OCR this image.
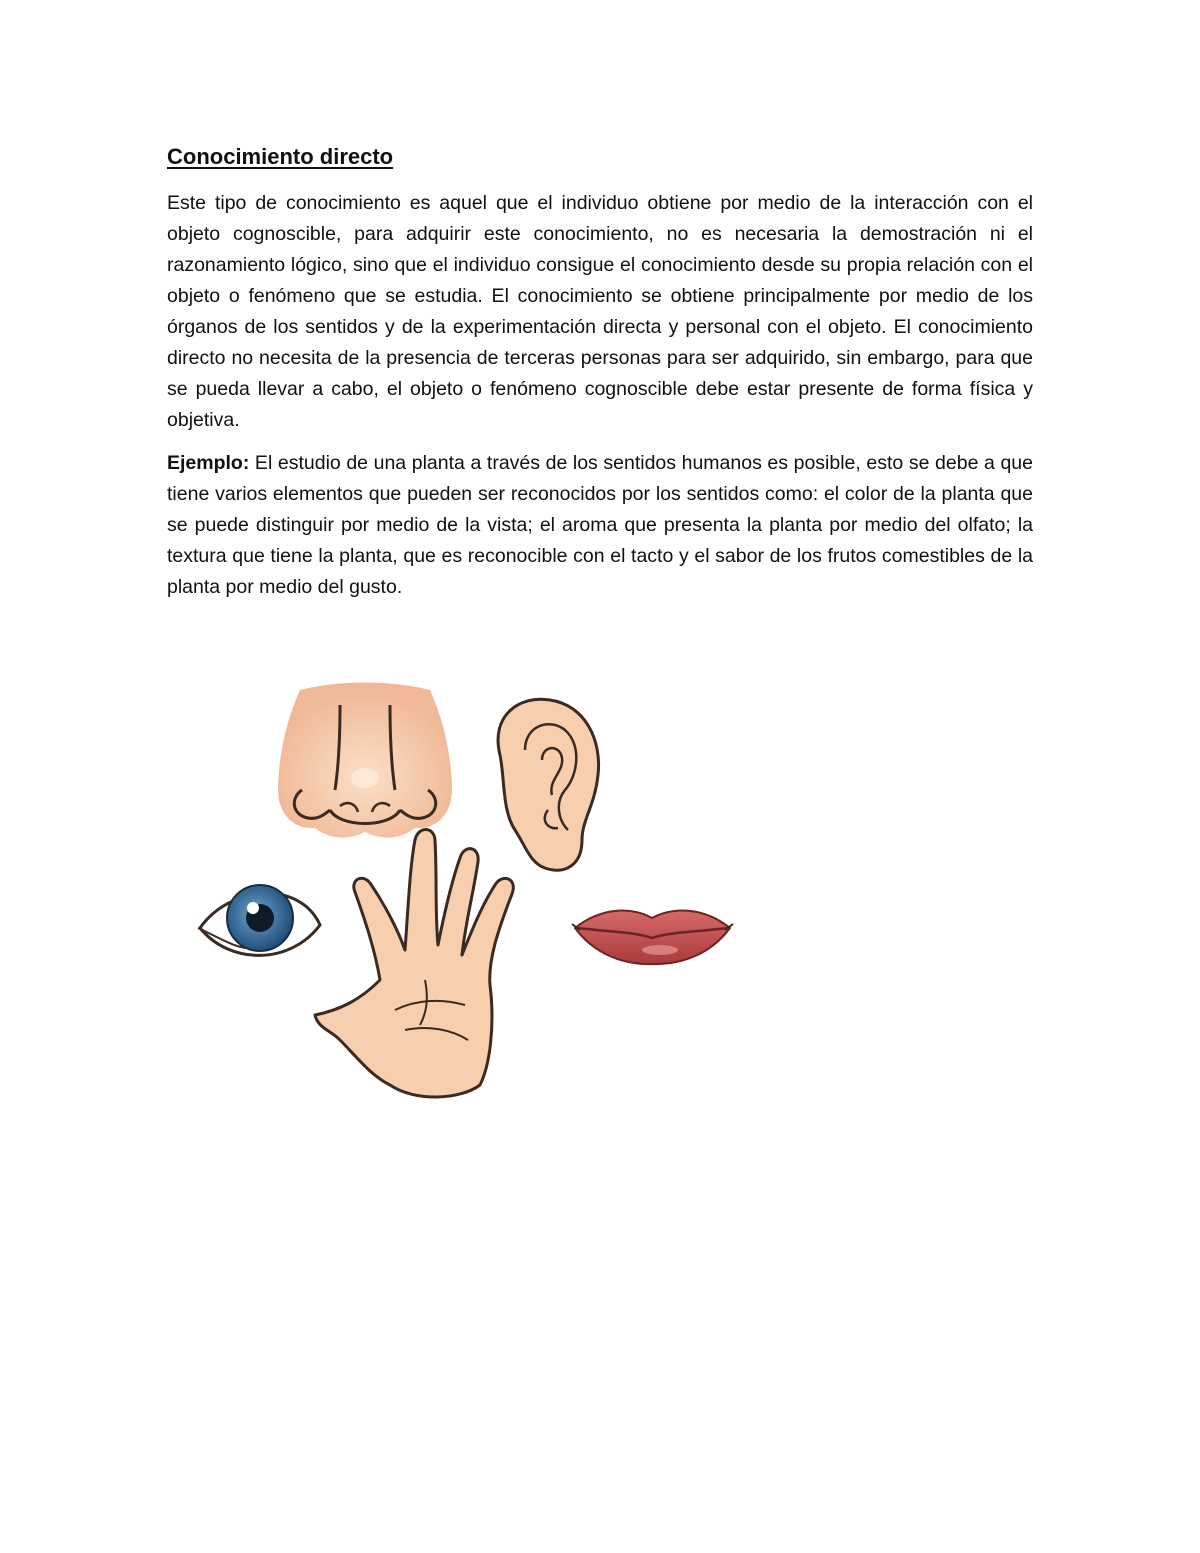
Conocimiento directo

Este tipo de conocimiento es aquel que el individuo obtiene por medio de la interacción con el objeto cognoscible, para adquirir este conocimiento, no es necesaria la demostración ni el razonamiento lógico, sino que el individuo consigue el conocimiento desde su propia relación con el objeto o fenómeno que se estudia. El conocimiento se obtiene principalmente por medio de los órganos de los sentidos y de la experimentación directa y personal con el objeto. El conocimiento directo no necesita de la presencia de terceras personas para ser adquirido, sin embargo, para que se pueda llevar a cabo, el objeto o fenómeno cognoscible debe estar presente de forma física y objetiva.

Ejemplo: El estudio de una planta a través de los sentidos humanos es posible, esto se debe a que tiene varios elementos que pueden ser reconocidos por los sentidos como: el color de la planta que se puede distinguir por medio de la vista; el aroma que presenta la planta por medio del olfato; la textura que tiene la planta, que es reconocible con el tacto y el sabor de los frutos comestibles de la planta por medio del gusto.
